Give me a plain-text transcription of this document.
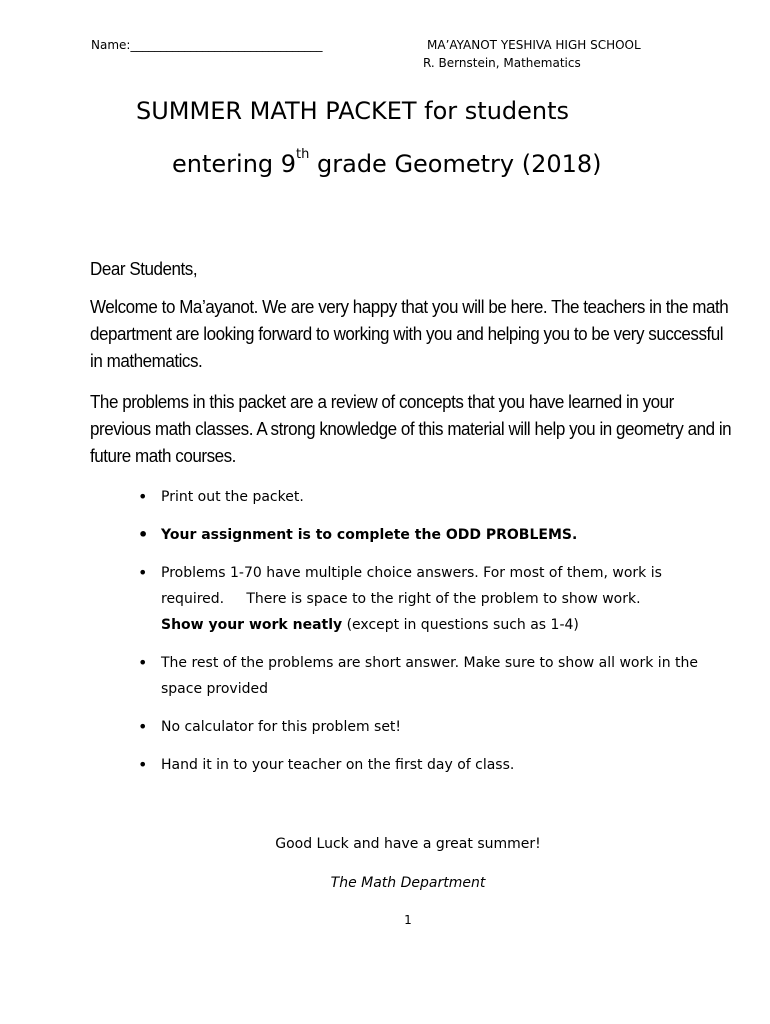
Name:________________________________	MA’AYANOT YESHIVA HIGH SCHOOL
R. Bernstein, Mathematics
SUMMER MATH PACKET for students
entering 9th grade Geometry (2018)
Dear Students,
Welcome to Ma’ayanot. We are very happy that you will be here. The teachers in the math department are looking forward to working with you and helping you to be very successful in mathematics.
The problems in this packet are a review of concepts that you have learned in your previous math classes. A strong knowledge of this material will help you in geometry and in future math courses.
• Print out the packet.
• Your assignment is to complete the ODD PROBLEMS.
• Problems 1-70 have multiple choice answers. For most of them, work is required.     There is space to the right of the problem to show work.
Show your work neatly (except in questions such as 1-4)
• The rest of the problems are short answer. Make sure to show all work in the space provided
• No calculator for this problem set!
• Hand it in to your teacher on the first day of class.
Good Luck and have a great summer!
The Math Department
1
